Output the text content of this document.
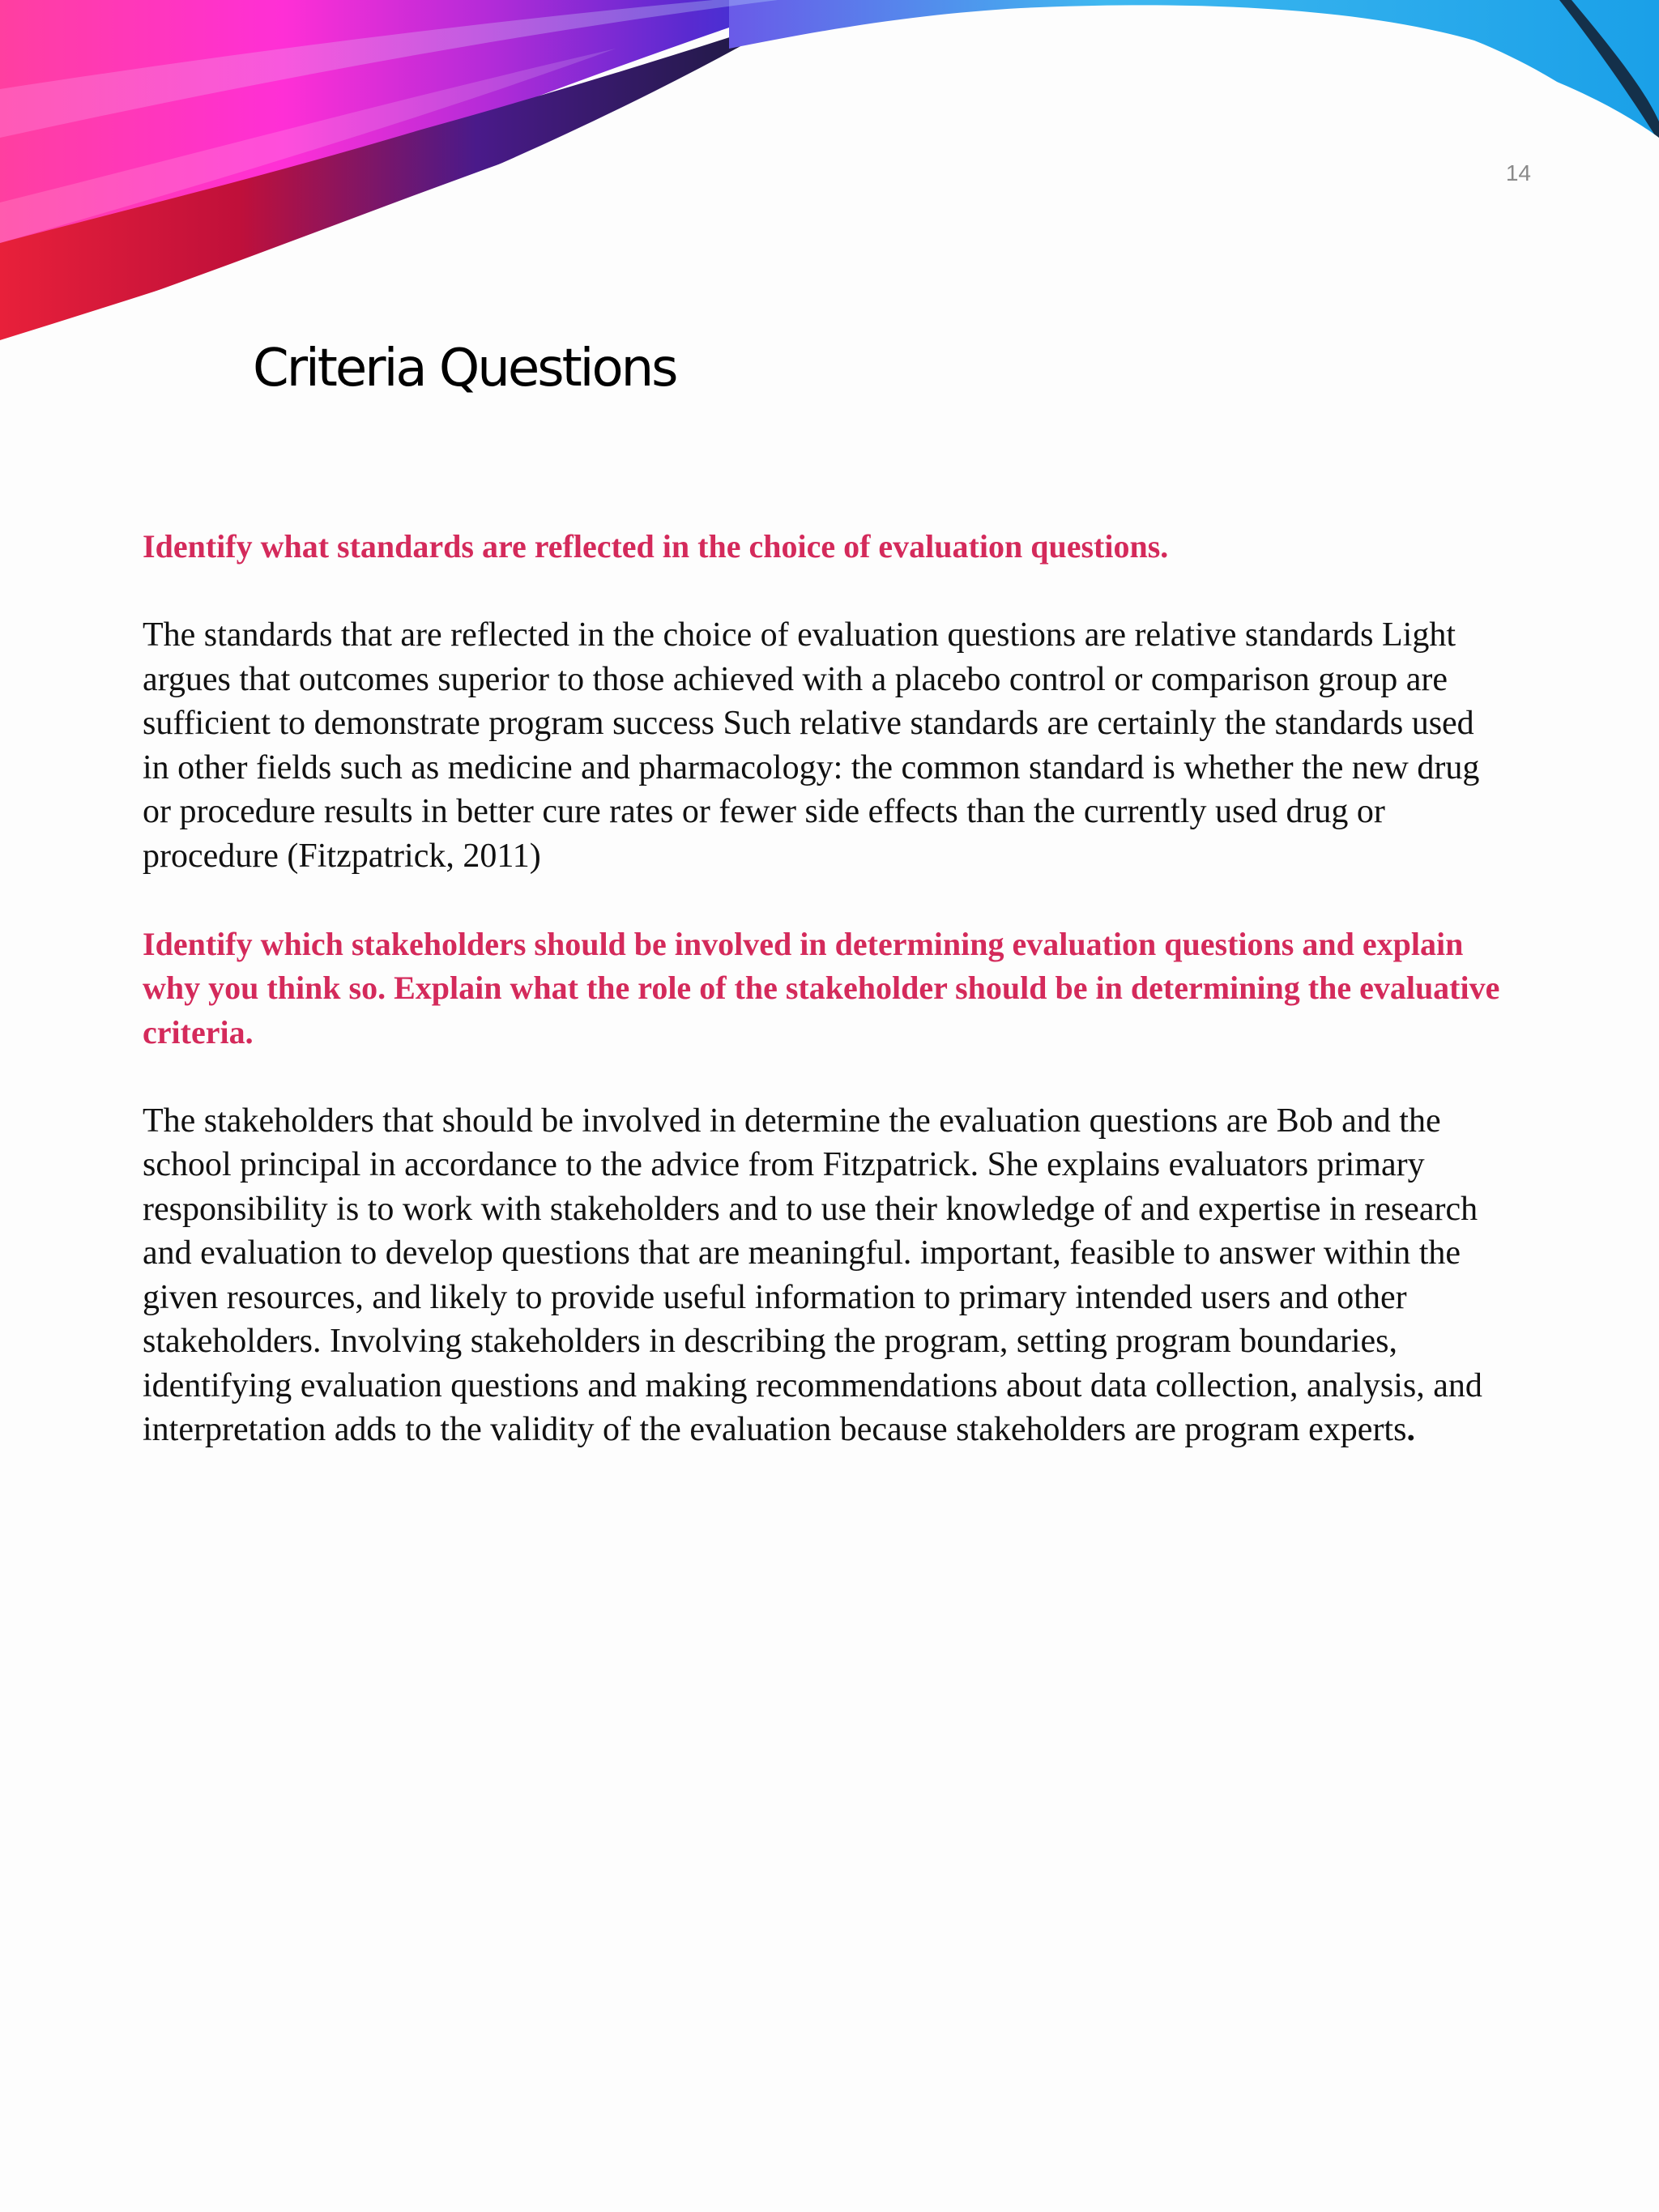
14
Criteria Questions

Identify what standards are reflected in the choice of evaluation questions.

The standards that are reflected in the choice of evaluation questions are relative standards Light argues that outcomes superior to those achieved with a placebo control or comparison group are sufficient to demonstrate program success Such relative standards are certainly the standards used in other fields such as medicine and pharmacology: the common standard is whether the new drug or procedure results in better cure rates or fewer side effects than the currently used drug or procedure (Fitzpatrick, 2011)

Identify which stakeholders should be involved in determining evaluation questions and explain why you think so. Explain what the role of the stakeholder should be in determining the evaluative criteria.

The stakeholders that should be involved in determine the evaluation questions are Bob and the school principal in accordance to the advice from Fitzpatrick. She explains evaluators primary responsibility is to work with stakeholders and to use their knowledge of and expertise in research and evaluation to develop questions that are meaningful. important, feasible to answer within the given resources, and likely to provide useful information to primary intended users and other stakeholders. Involving stakeholders in describing the program, setting program boundaries, identifying evaluation questions and making recommendations about data collection, analysis, and interpretation adds to the validity of the evaluation because stakeholders are program experts.
